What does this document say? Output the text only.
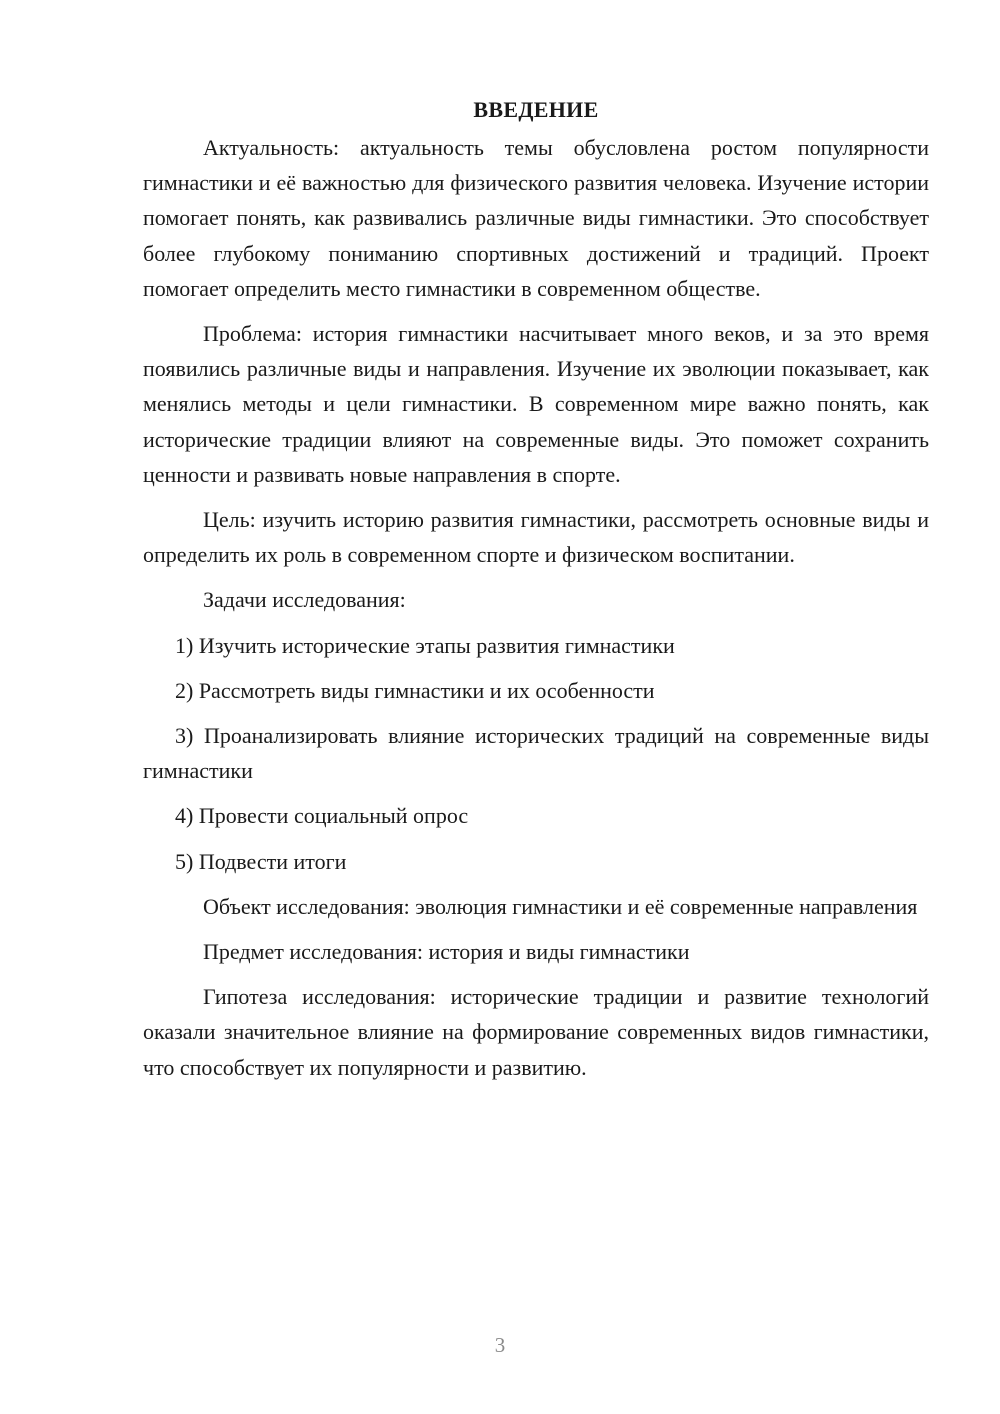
ВВЕДЕНИЕ

Актуальность: актуальность темы обусловлена ростом популярности гимнастики и её важностью для физического развития человека. Изучение истории помогает понять, как развивались различные виды гимнастики. Это способствует более глубокому пониманию спортивных достижений и традиций. Проект помогает определить место гимнастики в современном обществе.

Проблема: история гимнастики насчитывает много веков, и за это время появились различные виды и направления. Изучение их эволюции показывает, как менялись методы и цели гимнастики. В современном мире важно понять, как исторические традиции влияют на современные виды. Это поможет сохранить ценности и развивать новые направления в спорте.

Цель: изучить историю развития гимнастики, рассмотреть основные виды и определить их роль в современном спорте и физическом воспитании.

Задачи исследования:

1) Изучить исторические этапы развития гимнастики

2) Рассмотреть виды гимнастики и их особенности

3) Проанализировать влияние исторических традиций на современные виды гимнастики

4) Провести социальный опрос

5) Подвести итоги

Объект исследования: эволюция гимнастики и её современные направления

Предмет исследования: история и виды гимнастики

Гипотеза исследования: исторические традиции и развитие технологий оказали значительное влияние на формирование современных видов гимнастики, что способствует их популярности и развитию.

3
